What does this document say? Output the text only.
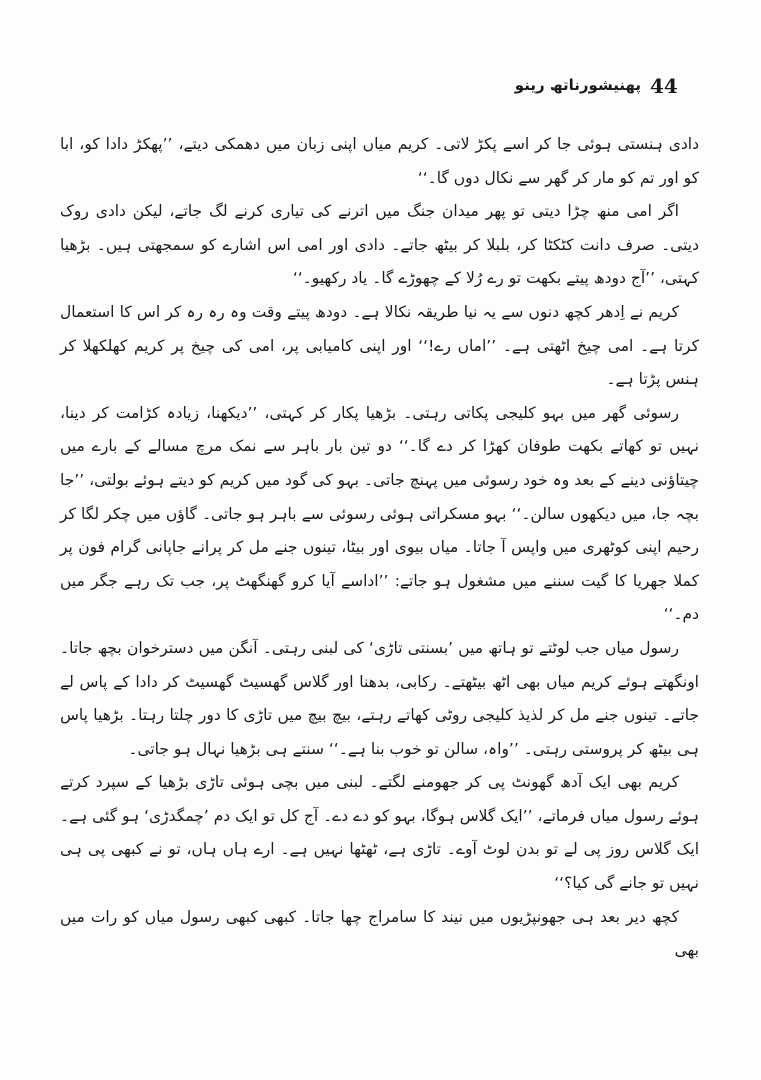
44
پھنیشورناتھ رینو

دادی ہنستی ہوئی جا کر اسے پکڑ لاتی۔ کریم میاں اپنی زبان میں دھمکی دیتے، ’’پھکڑ دادا کو، ابا کو اور تم کو مار کر گھر سے نکال دوں گا۔‘‘

اگر امی منھ چڑا دیتی تو پھر میدان جنگ میں اترنے کی تیاری کرنے لگ جاتے، لیکن دادی روک دیتی۔ صرف دانت کٹکٹا کر، بلبلا کر بیٹھ جاتے۔ دادی اور امی اس اشارے کو سمجھتی ہیں۔ بڑھیا کہتی، ’’آج دودھ پیتے بکھت تو رے رُلا کے چھوڑے گا۔ یاد رکھیو۔‘‘

کریم نے اِدھر کچھ دنوں سے یہ نیا طریقہ نکالا ہے۔ دودھ پیتے وقت وہ رہ رہ کر اس کا استعمال کرتا ہے۔ امی چیخ اٹھتی ہے۔ ’’اماں رے!‘‘ اور اپنی کامیابی پر، امی کی چیخ پر کریم کھلکھلا کر ہنس پڑتا ہے۔

رسوئی گھر میں بہو کلیجی پکاتی رہتی۔ بڑھیا پکار کر کہتی، ’’دیکھنا، زیادہ کڑامت کر دینا، نہیں تو کھاتے بکھت طوفان کھڑا کر دے گا۔‘‘ دو تین بار باہر سے نمک مرچ مسالے کے بارے میں چیتاؤنی دینے کے بعد وہ خود رسوئی میں پہنچ جاتی۔ بہو کی گود میں کریم کو دیتے ہوئے بولتی، ’’جا بچہ جا، میں دیکھوں سالن۔‘‘ بہو مسکراتی ہوئی رسوئی سے باہر ہو جاتی۔ گاؤں میں چکر لگا کر رحیم اپنی کوٹھری میں واپس آ جاتا۔ میاں بیوی اور بیٹا، تینوں جنے مل کر پرانے جاپانی گرام فون پر کملا جھریا کا گیت سننے میں مشغول ہو جاتے: ’’اداسے آیا کرو گھنگھٹ پر، جب تک رہے جگر میں دم۔‘‘

رسول میاں جب لوٹتے تو ہاتھ میں ’بسنتی تاڑی‘ کی لبنی رہتی۔ آنگن میں دسترخوان بچھ جاتا۔ اونگھتے ہوئے کریم میاں بھی اٹھ بیٹھتے۔ رکابی، بدھنا اور گلاس گھسیٹ گھسیٹ کر دادا کے پاس لے جاتے۔ تینوں جنے مل کر لذیذ کلیجی روٹی کھاتے رہتے، بیچ بیچ میں تاڑی کا دور چلتا رہتا۔ بڑھیا پاس ہی بیٹھ کر پروستی رہتی۔ ’’واہ، سالن تو خوب بنا ہے۔‘‘ سنتے ہی بڑھیا نہال ہو جاتی۔

کریم بھی ایک آدھ گھونٹ پی کر جھومنے لگتے۔ لبنی میں بچی ہوئی تاڑی بڑھیا کے سپرد کرتے ہوئے رسول میاں فرماتے، ’’ایک گلاس ہوگا، بہو کو دے دے۔ آج کل تو ایک دم ’چمگدڑی‘ ہو گئی ہے۔ ایک گلاس روز پی لے تو بدن لوٹ آوے۔ تاڑی ہے، ٹھٹھا نہیں ہے۔ ارے ہاں ہاں، تو نے کبھی پی ہی نہیں تو جانے گی کیا؟‘‘

کچھ دیر بعد ہی جھونپڑیوں میں نیند کا سامراج چھا جاتا۔ کبھی کبھی رسول میاں کو رات میں بھی
